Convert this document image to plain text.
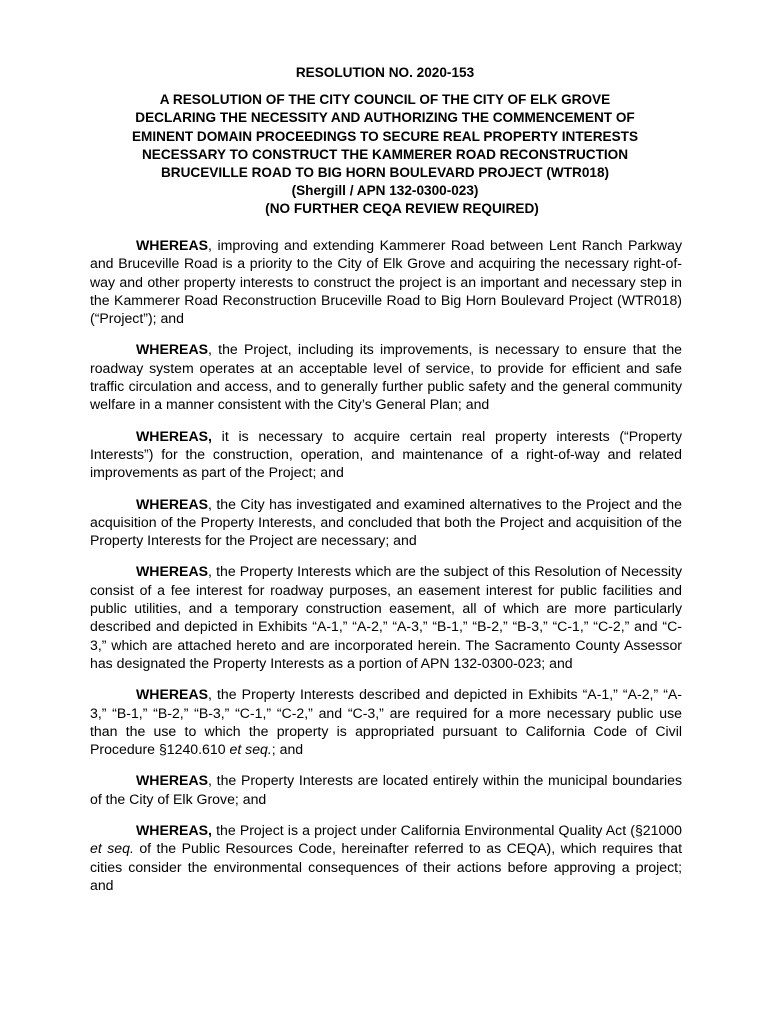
RESOLUTION NO. 2020-153
A RESOLUTION OF THE CITY COUNCIL OF THE CITY OF ELK GROVE
DECLARING THE NECESSITY AND AUTHORIZING THE COMMENCEMENT OF
EMINENT DOMAIN PROCEEDINGS TO SECURE REAL PROPERTY INTERESTS
NECESSARY TO CONSTRUCT THE KAMMERER ROAD RECONSTRUCTION
BRUCEVILLE ROAD TO BIG HORN BOULEVARD PROJECT (WTR018)
(Shergill / APN 132-0300-023)
(NO FURTHER CEQA REVIEW REQUIRED)

WHEREAS, improving and extending Kammerer Road between Lent Ranch Parkway and Bruceville Road is a priority to the City of Elk Grove and acquiring the necessary right-of-way and other property interests to construct the project is an important and necessary step in the Kammerer Road Reconstruction Bruceville Road to Big Horn Boulevard Project (WTR018) (“Project”); and

WHEREAS, the Project, including its improvements, is necessary to ensure that the roadway system operates at an acceptable level of service, to provide for efficient and safe traffic circulation and access, and to generally further public safety and the general community welfare in a manner consistent with the City’s General Plan; and

WHEREAS, it is necessary to acquire certain real property interests (“Property Interests”) for the construction, operation, and maintenance of a right-of-way and related improvements as part of the Project; and

WHEREAS, the City has investigated and examined alternatives to the Project and the acquisition of the Property Interests, and concluded that both the Project and acquisition of the Property Interests for the Project are necessary; and

WHEREAS, the Property Interests which are the subject of this Resolution of Necessity consist of a fee interest for roadway purposes, an easement interest for public facilities and public utilities, and a temporary construction easement, all of which are more particularly described and depicted in Exhibits “A-1,” “A-2,” “A-3,” “B-1,” “B-2,” “B-3,” “C-1,” “C-2,” and “C-3,” which are attached hereto and are incorporated herein. The Sacramento County Assessor has designated the Property Interests as a portion of APN 132-0300-023; and

WHEREAS, the Property Interests described and depicted in Exhibits “A-1,” “A-2,” “A-3,” “B-1,” “B-2,” “B-3,” “C-1,” “C-2,” and “C-3,” are required for a more necessary public use than the use to which the property is appropriated pursuant to California Code of Civil Procedure §1240.610 et seq.; and

WHEREAS, the Property Interests are located entirely within the municipal boundaries of the City of Elk Grove; and

WHEREAS, the Project is a project under California Environmental Quality Act (§21000 et seq. of the Public Resources Code, hereinafter referred to as CEQA), which requires that cities consider the environmental consequences of their actions before approving a project; and
